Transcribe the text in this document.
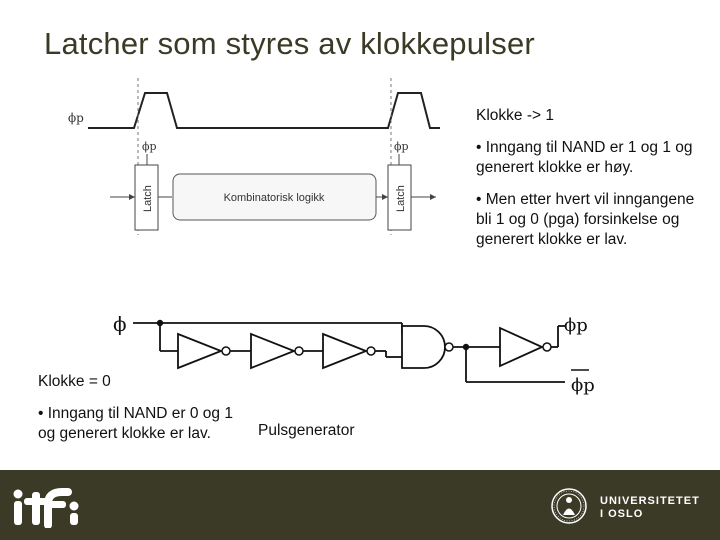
Latcher som styres av klokkepulser
ϕp
ϕp
Latch	Kombinatorisk logikk
ϕp
Latch
ϕ	ϕp
ϕp

Klokke -> 1

• Inngang til NAND er 1 og 1 og generert klokke er høy.

• Men etter hvert vil inngangene bli 1 og 0 (pga) forsinkelse og generert klokke er lav.

Klokke = 0

• Inngang til NAND er 0 og 1 og generert klokke er lav.	Pulsgenerator
UNIVERSITETET
I OSLO
